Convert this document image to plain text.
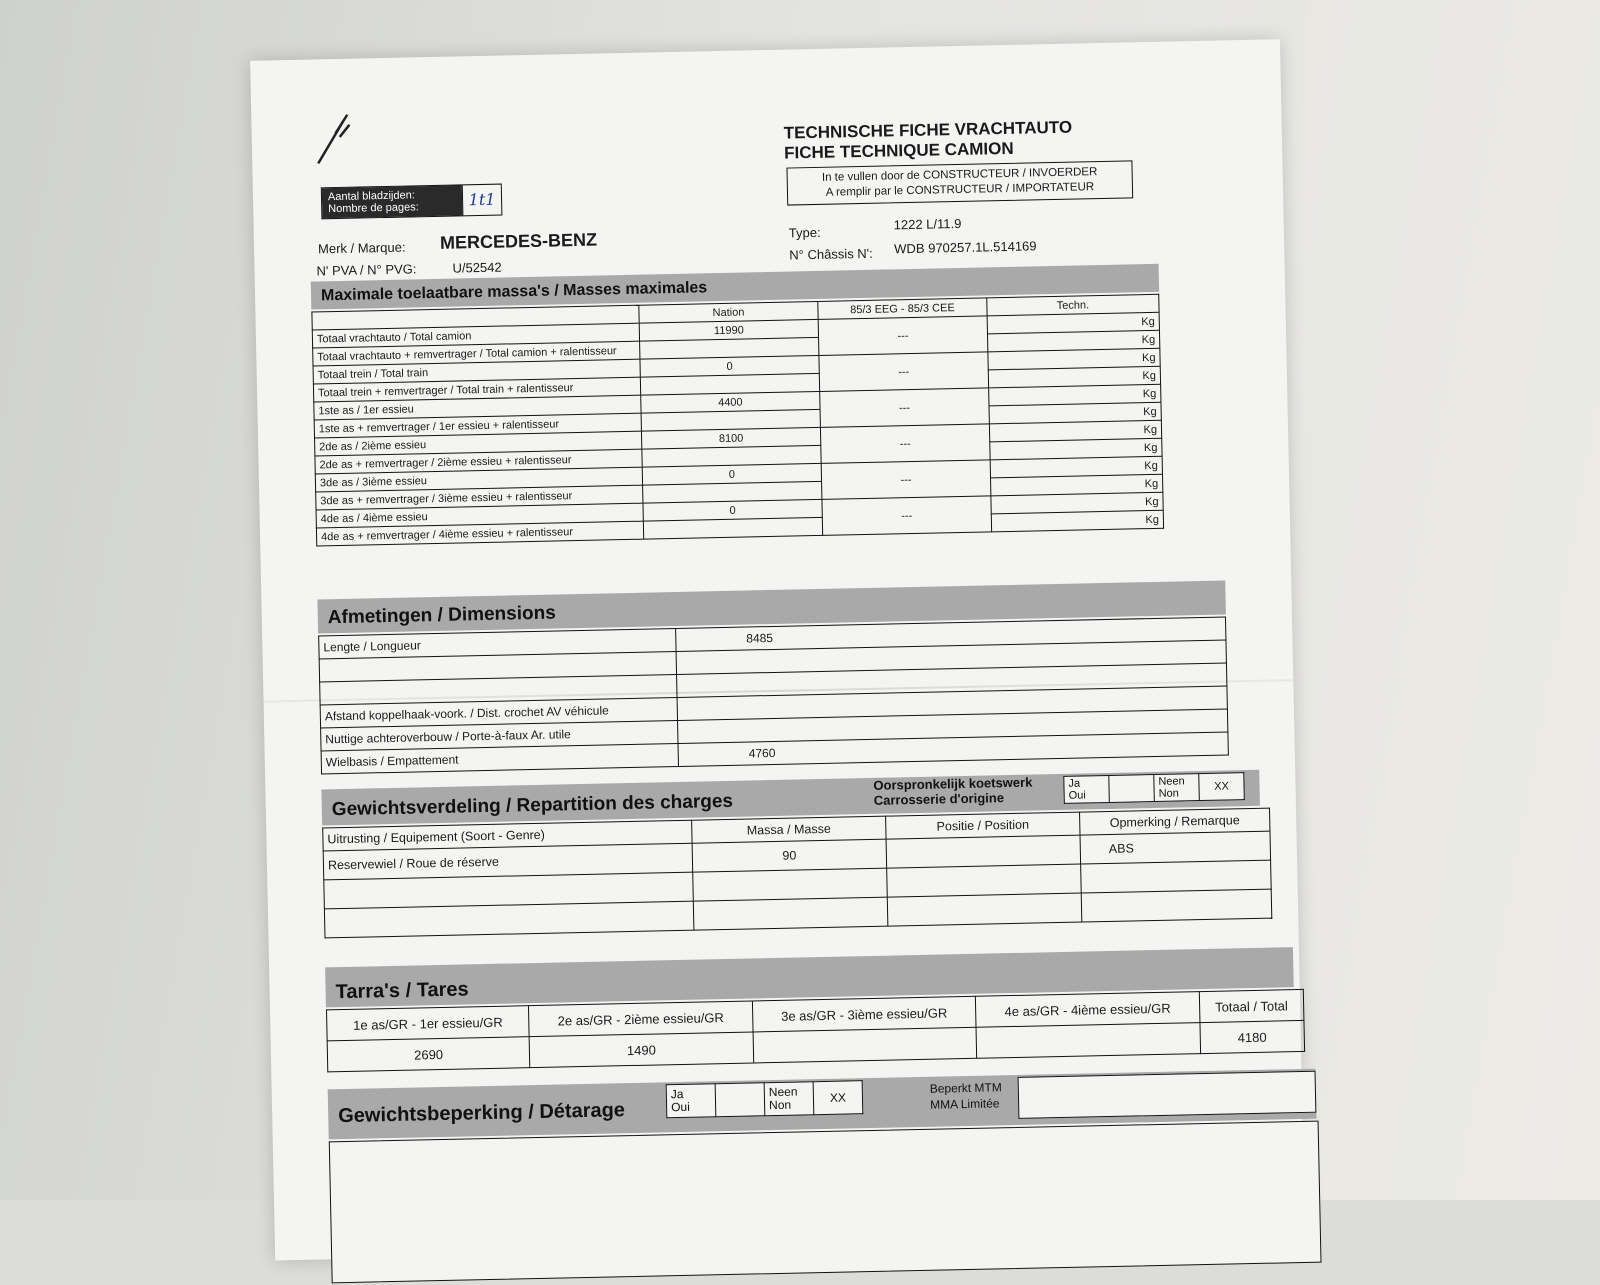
Aantal bladzijden:
Nombre de pages:	1t1
TECHNISCHE FICHE VRACHTAUTO
FICHE TECHNIQUE CAMION
In te vullen door de CONSTRUCTEUR / INVOERDER
A remplir par le CONSTRUCTEUR / IMPORTATEUR
Merk / Marque: MERCEDES-BENZ
N' PVA / N° PVG:	U/52542
Type:
1222 L/11.9
N° Châssis N': WDB 970257.1L.514169
Maximale toelaatbare massa's / Masses maximales
	Nation	85/3 EEG - 85/3 CEE	Techn.
Totaal vrachtauto / Total camion	11990	---	Kg
Totaal vrachtauto + remvertrager / Total camion + ralentisseur			Kg
Totaal trein / Total train	0	---	Kg
Totaal trein + remvertrager / Total train + ralentisseur			Kg
1ste as / 1er essieu	4400	---	Kg
1ste as + remvertrager / 1er essieu + ralentisseur			Kg
2de as / 2ième essieu	8100	---	Kg
2de as + remvertrager / 2ième essieu + ralentisseur			Kg
3de as / 3ième essieu	0	---	Kg
3de as + remvertrager / 3ième essieu + ralentisseur			Kg
4de as / 4ième essieu	0	---	Kg
4de as + remvertrager / 4ième essieu + ralentisseur			Kg
Afmetingen / Dimensions
Lengte / Longueur	8485

Afstand koppelhaak-voork. / Dist. crochet AV véhicule	
Nuttige achteroverbouw / Porte-à-faux Ar. utile	
Wielbasis / Empattement	4760
Gewichtsverdeling / Repartition des charges
Oorspronkelijk koetswerk
Carrosserie d'origine
Ja
Oui

Neen
Non
	XX
Uitrusting / Equipement (Soort - Genre)	Massa / Masse	Positie / Position	Opmerking / Remarque
Reservewiel / Roue de réserve	90		ABS

Tarra's / Tares
1e as/GR - 1er essieu/GR	2e as/GR - 2ième essieu/GR	3e as/GR - 3ième essieu/GR	4e as/GR - 4ième essieu/GR	Totaal / Total
2690	1490			4180
Gewichtsbeperking / Détarage
Ja
Oui

Neen
Non	XX
Beperkt MTM
MMA Limitée
